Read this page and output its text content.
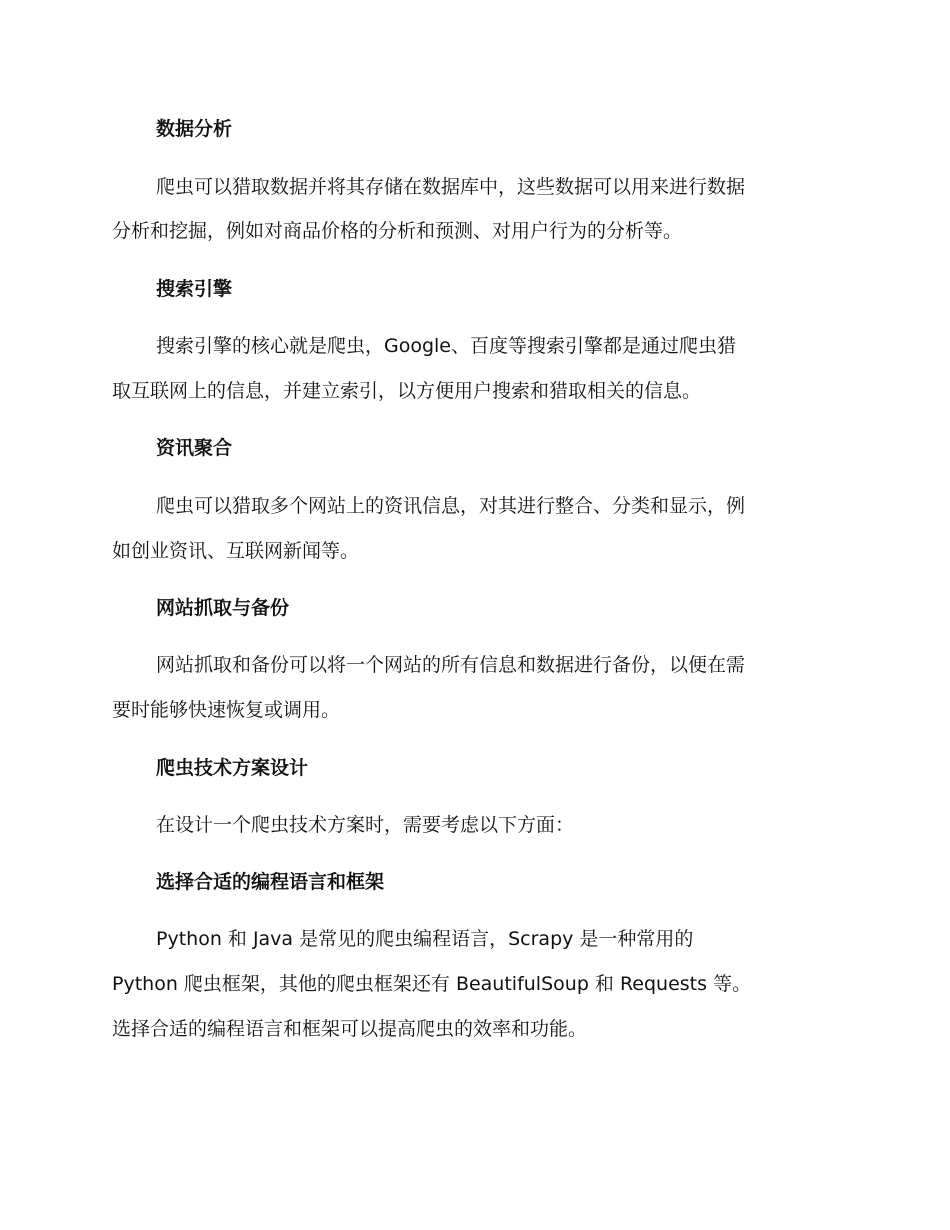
数据分析
爬虫可以猎取数据并将其存储在数据库中，这些数据可以用来进行数据
分析和挖掘，例如对商品价格的分析和预测、对用户行为的分析等。
搜索引擎
搜索引擎的核心就是爬虫，Google、百度等搜索引擎都是通过爬虫猎
取互联网上的信息，并建立索引，以方便用户搜索和猎取相关的信息。
资讯聚合
爬虫可以猎取多个网站上的资讯信息，对其进行整合、分类和显示，例
如创业资讯、互联网新闻等。
网站抓取与备份
网站抓取和备份可以将一个网站的所有信息和数据进行备份，以便在需
要时能够快速恢复或调用。
爬虫技术方案设计
在设计一个爬虫技术方案时，需要考虑以下方面：
选择合适的编程语言和框架
Python 和 Java 是常见的爬虫编程语言，Scrapy 是一种常用的
Python 爬虫框架，其他的爬虫框架还有 BeautifulSoup 和 Requests 等。
选择合适的编程语言和框架可以提高爬虫的效率和功能。
